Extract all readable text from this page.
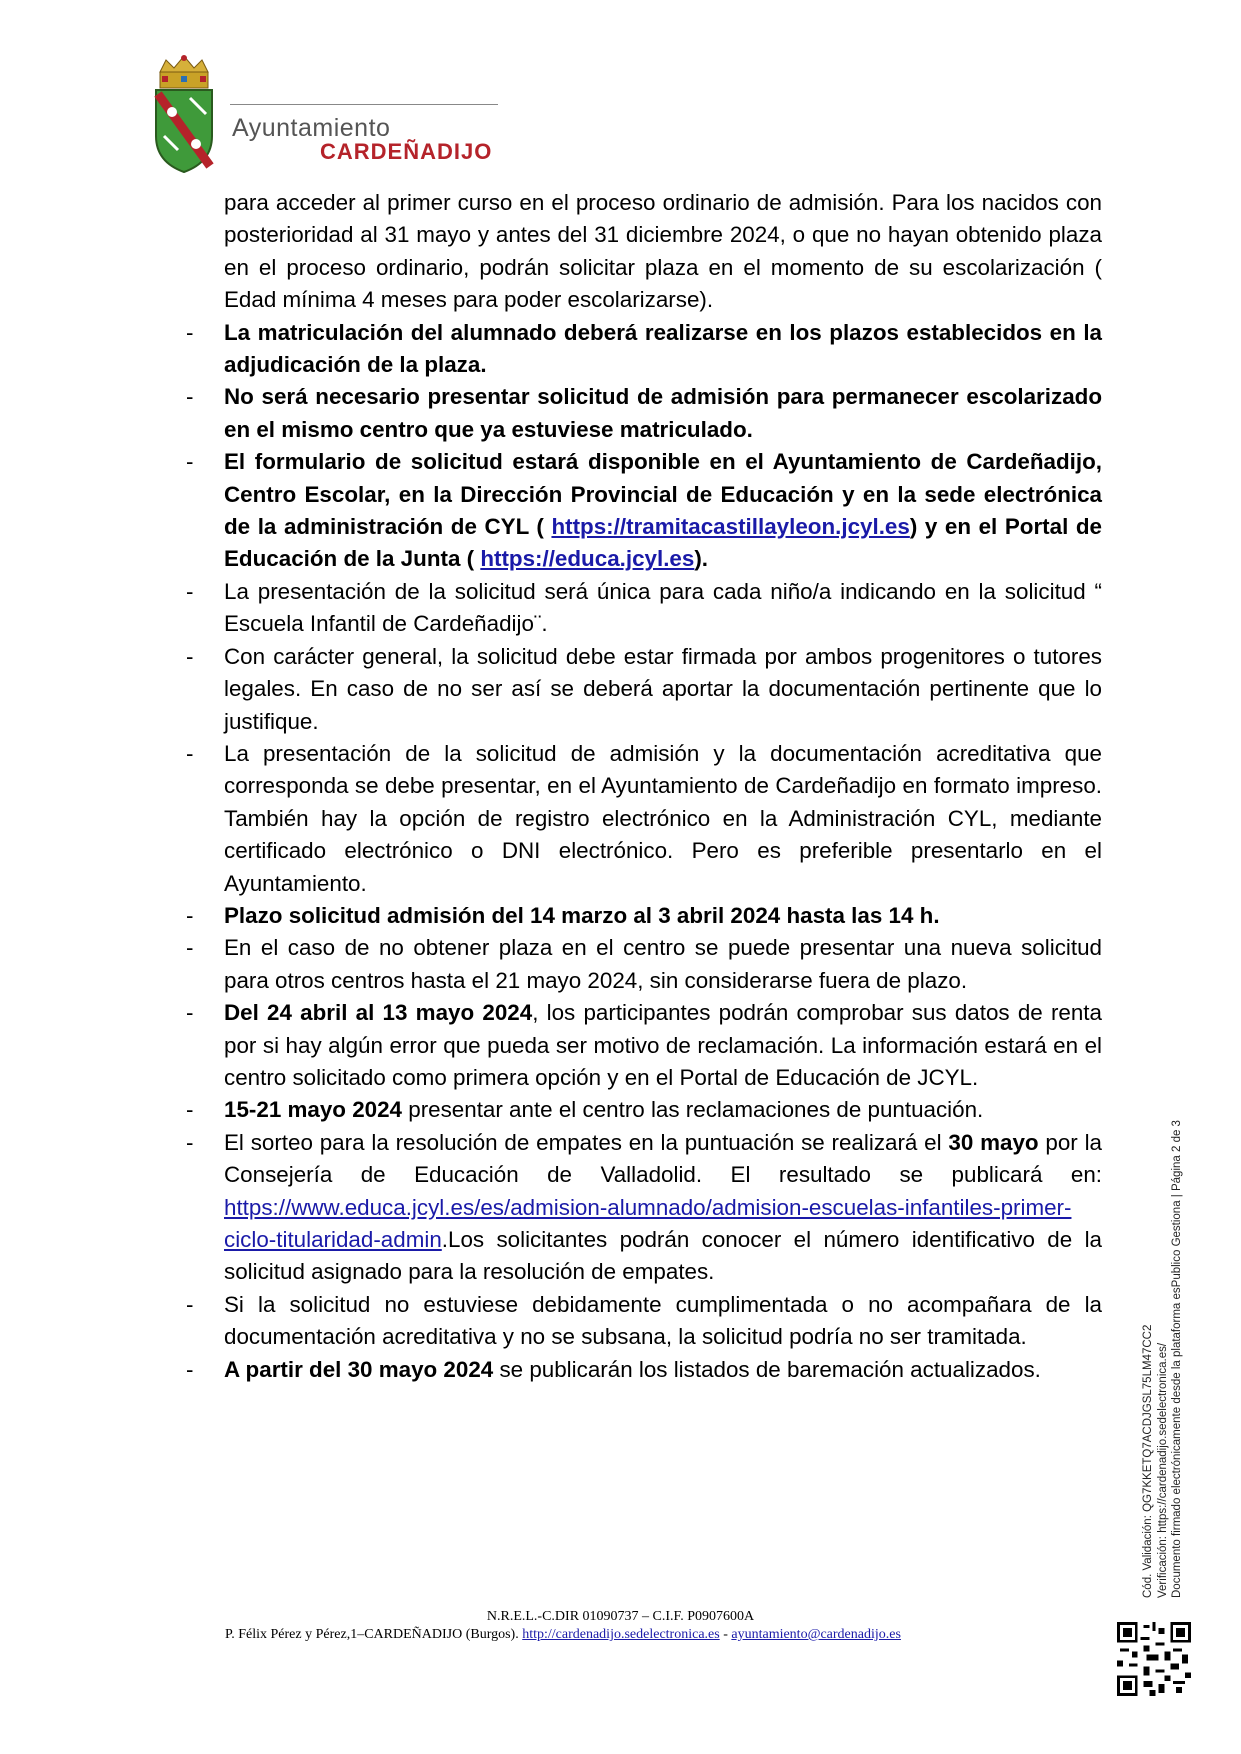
Ayuntamiento
CARDEÑADIJO

para acceder al primer curso en el proceso ordinario de admisión. Para los nacidos con posterioridad al 31 mayo y antes del 31 diciembre 2024, o que no hayan obtenido plaza en el proceso ordinario, podrán solicitar plaza en el momento de su escolarización ( Edad mínima 4 meses para poder escolarizarse).

-	La matriculación del alumnado deberá realizarse en los plazos establecidos en la adjudicación de la plaza.
-	No será necesario presentar solicitud de admisión para permanecer escolarizado en el mismo centro que ya estuviese matriculado.
-	El formulario de solicitud estará disponible en el Ayuntamiento de Cardeñadijo, Centro Escolar, en la Dirección Provincial de Educación y en la sede electrónica de la administración de CYL ( https://tramitacastillayleon.jcyl.es) y en el Portal de Educación de la Junta ( https://educa.jcyl.es).
-	La presentación de la solicitud será única para cada niño/a indicando en la solicitud “ Escuela Infantil de Cardeñadijo¨.
-	Con carácter general, la solicitud debe estar firmada por ambos progenitores o tutores legales. En caso de no ser así se deberá aportar la documentación pertinente que lo justifique.
-	La presentación de la solicitud de admisión y la documentación acreditativa que corresponda se debe presentar, en el Ayuntamiento de Cardeñadijo en formato impreso. También hay la opción de registro electrónico en la Administración CYL, mediante certificado electrónico o DNI electrónico. Pero es preferible presentarlo en el Ayuntamiento.
-	Plazo solicitud admisión del 14 marzo al 3 abril 2024 hasta las 14 h.
-	En el caso de no obtener plaza en el centro se puede presentar una nueva solicitud para otros centros hasta el 21 mayo 2024, sin considerarse fuera de plazo.
-	Del 24 abril al 13 mayo 2024, los participantes podrán comprobar sus datos de renta por si hay algún error que pueda ser motivo de reclamación. La información estará en el centro solicitado como primera opción y en el Portal de Educación de JCYL.
-	15-21 mayo 2024 presentar ante el centro las reclamaciones de puntuación.
-	El sorteo para la resolución de empates en la puntuación se realizará el 30 mayo por la Consejería de Educación de Valladolid. El resultado se publicará en: https://www.educa.jcyl.es/es/admision-alumnado/admision-escuelas-infantiles-primer-ciclo-titularidad-admin.Los solicitantes podrán conocer el número identificativo de la solicitud asignado para la resolución de empates.
-	Si la solicitud no estuviese debidamente cumplimentada o no acompañara de la documentación acreditativa y no se subsana, la solicitud podría no ser tramitada.
-	A partir del 30 mayo 2024 se publicarán los listados de baremación actualizados.	Cód. Validación: QG7KKETQ7ACDJGSL75LM47CC2 Verificación: https://cardenadijo.sedelectronica.es/ Documento firmado electrónicamente desde la plataforma esPublico Gestiona | Página 2 de 3
N.R.E.L.-C.DIR 01090737 – C.I.F. P0907600A
P. Félix Pérez y Pérez,1–CARDEÑADIJO (Burgos). http://cardenadijo.sedelectronica.es - ayuntamiento@cardenadijo.es
